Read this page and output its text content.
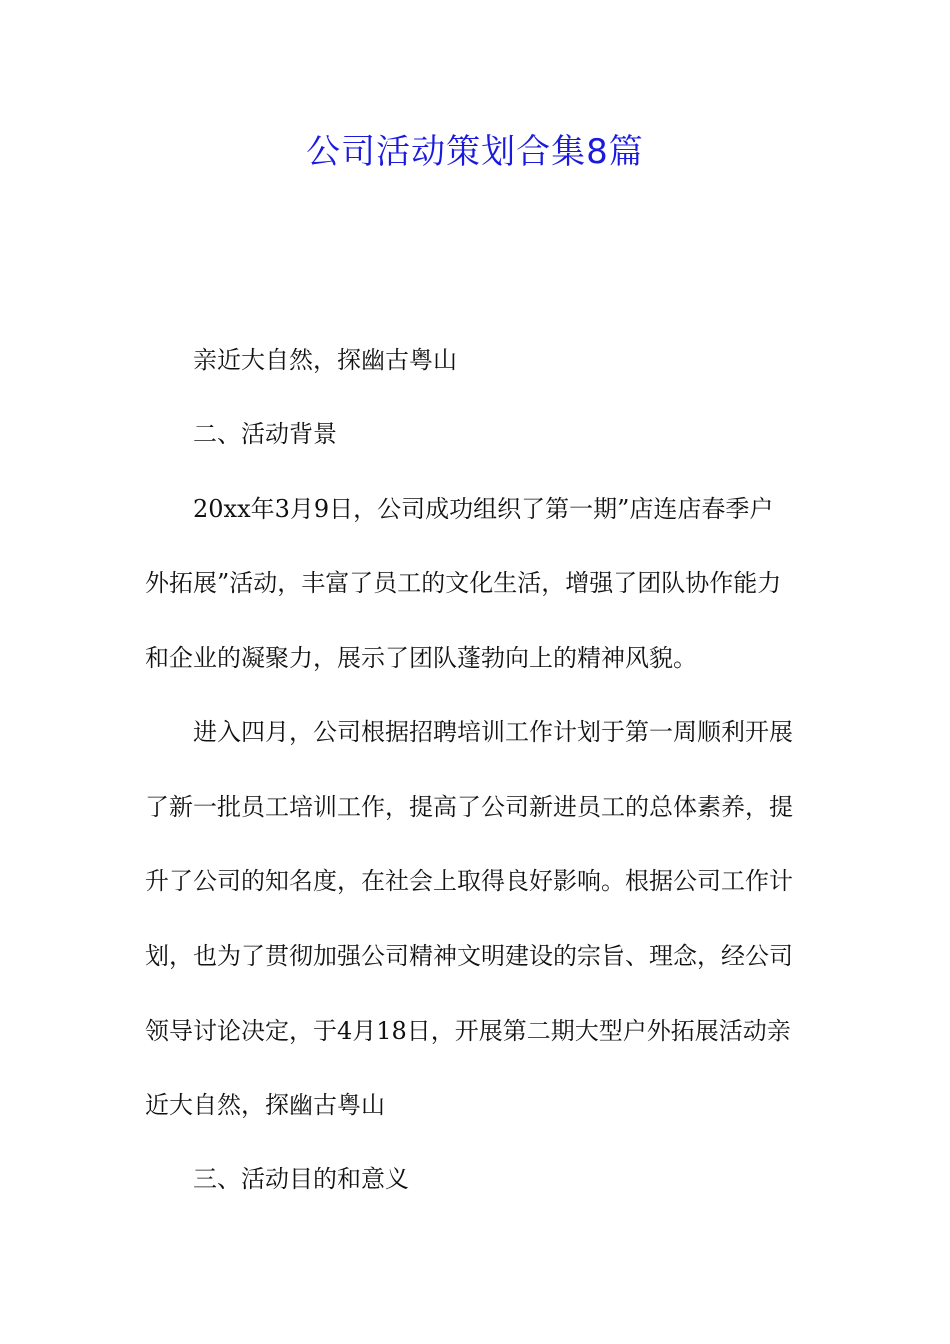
公司活动策划合集8篇
亲近大自然，探幽古粤山
二、活动背景
20xx年3月9日，公司成功组织了第一期”店连店春季户
外拓展”活动，丰富了员工的文化生活，增强了团队协作能力
和企业的凝聚力，展示了团队蓬勃向上的精神风貌。
进入四月，公司根据招聘培训工作计划于第一周顺利开展
了新一批员工培训工作，提高了公司新进员工的总体素养，提
升了公司的知名度，在社会上取得良好影响。根据公司工作计
划，也为了贯彻加强公司精神文明建设的宗旨、理念，经公司
领导讨论决定，于4月18日，开展第二期大型户外拓展活动亲
近大自然，探幽古粤山
三、活动目的和意义
